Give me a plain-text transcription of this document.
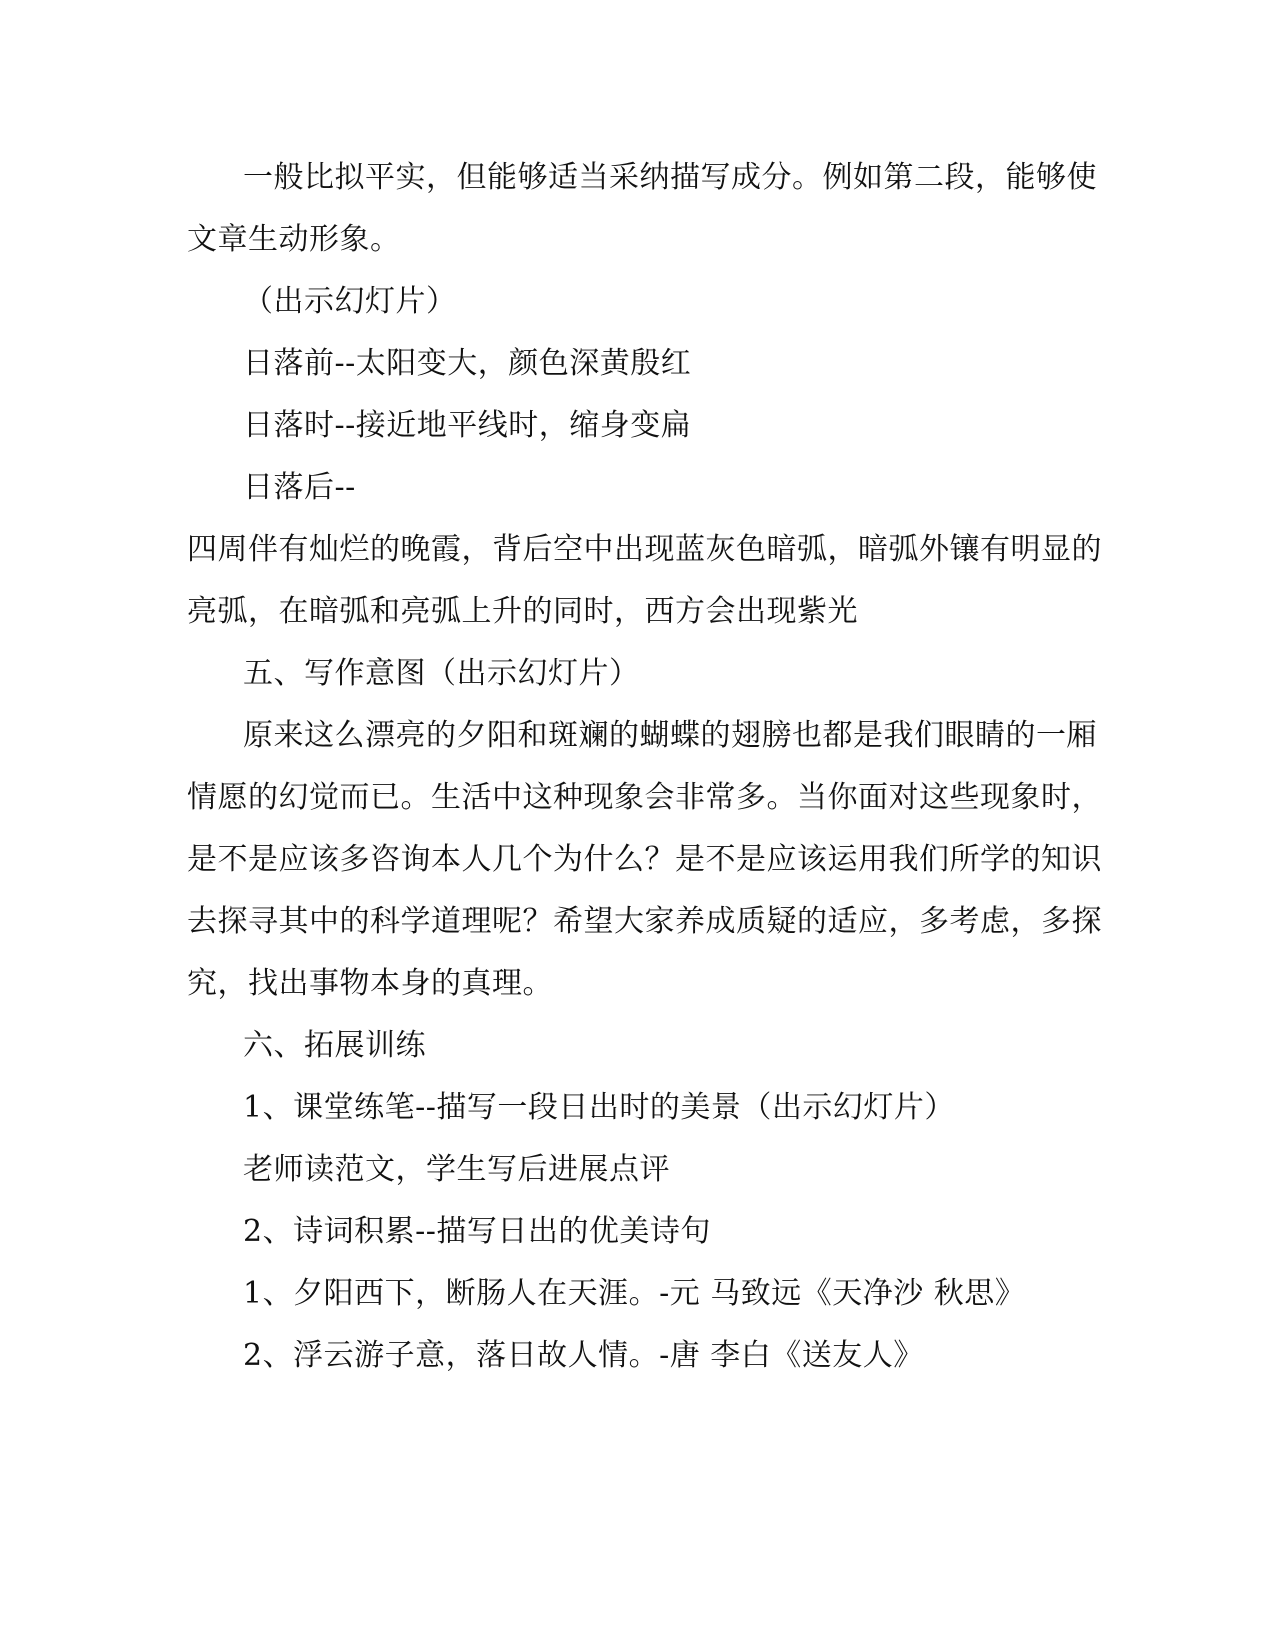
一般比拟平实，但能够适当采纳描写成分。例如第二段，能够使
文章生动形象。
（出示幻灯片）
日落前--太阳变大，颜色深黄殷红
日落时--接近地平线时，缩身变扁
日落后--
四周伴有灿烂的晚霞，背后空中出现蓝灰色暗弧，暗弧外镶有明显的
亮弧，在暗弧和亮弧上升的同时，西方会出现紫光
五、写作意图（出示幻灯片）
原来这么漂亮的夕阳和斑斓的蝴蝶的翅膀也都是我们眼睛的一厢
情愿的幻觉而已。生活中这种现象会非常多。当你面对这些现象时，
是不是应该多咨询本人几个为什么？是不是应该运用我们所学的知识
去探寻其中的科学道理呢？希望大家养成质疑的适应，多考虑，多探
究，找出事物本身的真理。
六、拓展训练
1、课堂练笔--描写一段日出时的美景（出示幻灯片）
老师读范文，学生写后进展点评
2、诗词积累--描写日出的优美诗句
1、夕阳西下，断肠人在天涯。-元 马致远《天净沙 秋思》
2、浮云游子意，落日故人情。-唐 李白《送友人》
